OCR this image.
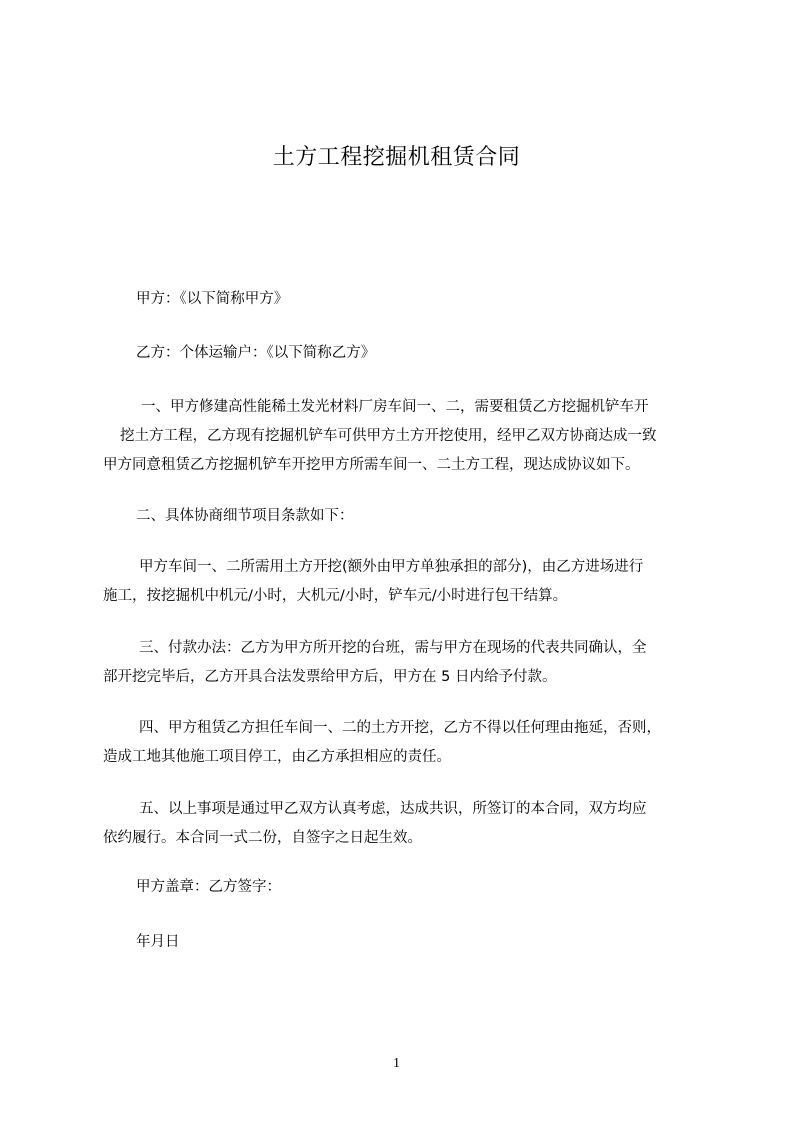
土方工程挖掘机租赁合同

甲方：《以下简称甲方》

乙方：个体运输户：《以下简称乙方》

一、甲方修建高性能稀土发光材料厂房车间一、二，需要租赁乙方挖掘机铲车开
挖土方工程，乙方现有挖掘机铲车可供甲方土方开挖使用，经甲乙双方协商达成一致
甲方同意租赁乙方挖掘机铲车开挖甲方所需车间一、二土方工程，现达成协议如下。

二、具体协商细节项目条款如下：

甲方车间一、二所需用土方开挖(额外由甲方单独承担的部分)，由乙方进场进行
施工，按挖掘机中机元/小时，大机元/小时，铲车元/小时进行包干结算。

三、付款办法：乙方为甲方所开挖的台班，需与甲方在现场的代表共同确认，全
部开挖完毕后，乙方开具合法发票给甲方后，甲方在 5 日内给予付款。

四、甲方租赁乙方担任车间一、二的土方开挖，乙方不得以任何理由拖延，否则，
造成工地其他施工项目停工，由乙方承担相应的责任。

五、以上事项是通过甲乙双方认真考虑，达成共识，所签订的本合同，双方均应
依约履行。本合同一式二份，自签字之日起生效。

甲方盖章：乙方签字：

年月日

1
